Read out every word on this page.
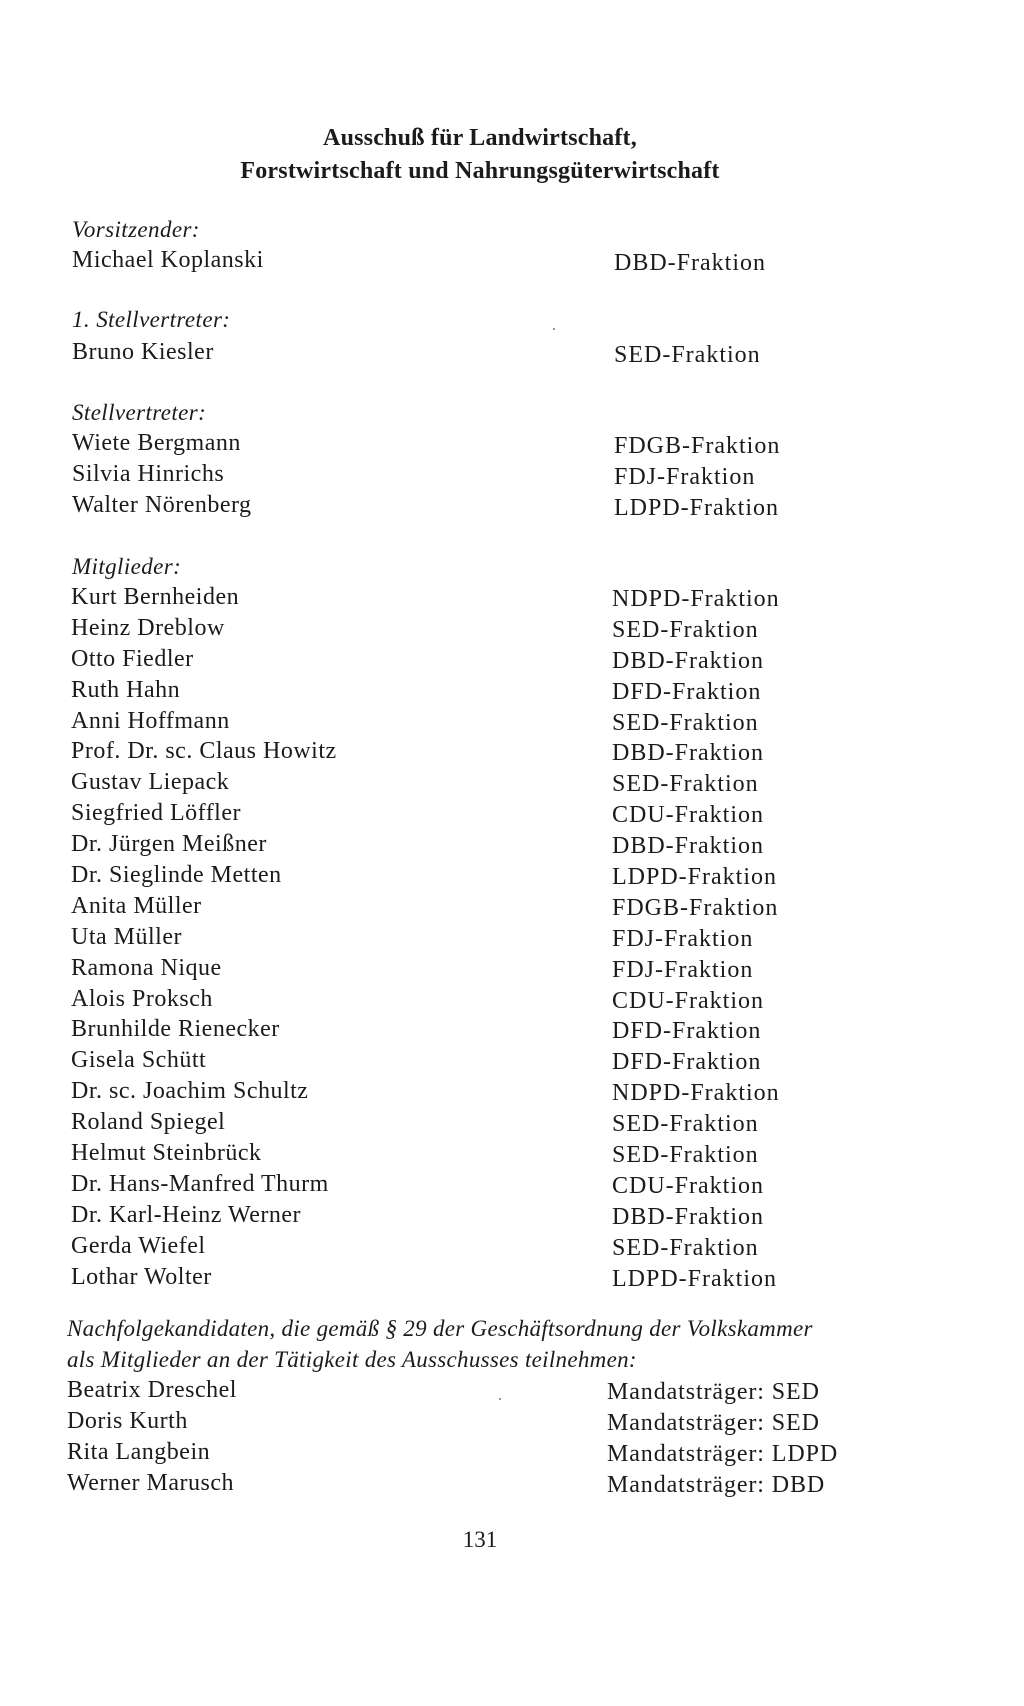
Ausschuß für Landwirtschaft,
Forstwirtschaft und Nahrungsgüterwirtschaft
Vorsitzender:
Michael Koplanski	DBD-Fraktion
1. Stellvertreter:
Bruno Kiesler	SED-Fraktion
Stellvertreter:
Wiete Bergmann	FDGB-Fraktion
Silvia Hinrichs	FDJ-Fraktion
Walter Nörenberg	LDPD-Fraktion
Mitglieder:
Kurt Bernheiden	NDPD-Fraktion
Heinz Dreblow	SED-Fraktion
Otto Fiedler	DBD-Fraktion
Ruth Hahn	DFD-Fraktion
Anni Hoffmann	SED-Fraktion
Prof. Dr. sc. Claus Howitz	DBD-Fraktion
Gustav Liepack	SED-Fraktion
Siegfried Löffler	CDU-Fraktion
Dr. Jürgen Meißner	DBD-Fraktion
Dr. Sieglinde Metten	LDPD-Fraktion
Anita Müller	FDGB-Fraktion
Uta Müller	FDJ-Fraktion
Ramona Nique	FDJ-Fraktion
Alois Proksch	CDU-Fraktion
Brunhilde Rienecker	DFD-Fraktion
Gisela Schütt	DFD-Fraktion
Dr. sc. Joachim Schultz	NDPD-Fraktion
Roland Spiegel	SED-Fraktion
Helmut Steinbrück	SED-Fraktion
Dr. Hans-Manfred Thurm	CDU-Fraktion
Dr. Karl-Heinz Werner	DBD-Fraktion
Gerda Wiefel	SED-Fraktion
Lothar Wolter	LDPD-Fraktion
Nachfolgekandidaten, die gemäß § 29 der Geschäftsordnung der Volkskammer
als Mitglieder an der Tätigkeit des Ausschusses teilnehmen:
Beatrix Dreschel	Mandatsträger: SED
Doris Kurth	Mandatsträger: SED
Rita Langbein	Mandatsträger: LDPD
Werner Marusch	Mandatsträger: DBD
131
